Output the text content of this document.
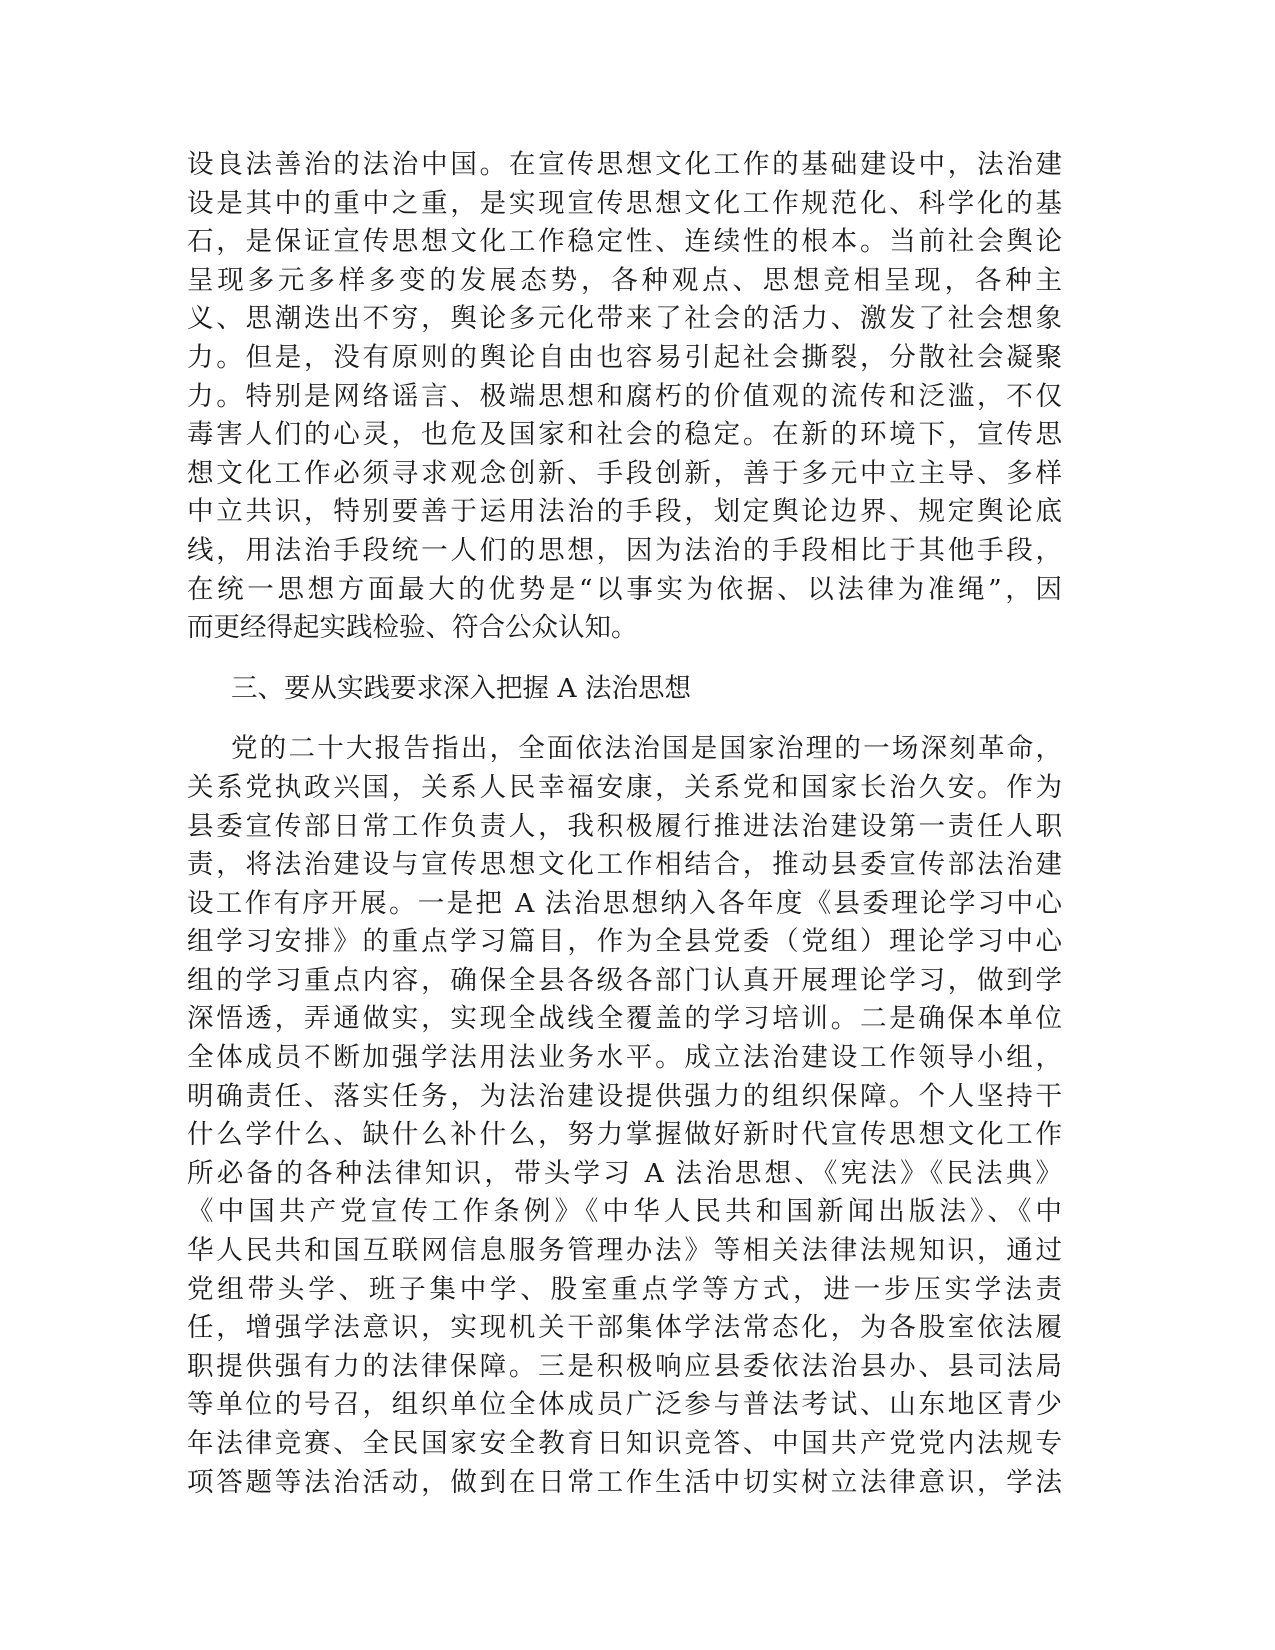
设良法善治的法治中国。在宣传思想文化工作的基础建设中，法治建
设是其中的重中之重，是实现宣传思想文化工作规范化、科学化的基
石，是保证宣传思想文化工作稳定性、连续性的根本。当前社会舆论
呈现多元多样多变的发展态势，各种观点、思想竞相呈现，各种主
义、思潮迭出不穷，舆论多元化带来了社会的活力、激发了社会想象
力。但是，没有原则的舆论自由也容易引起社会撕裂，分散社会凝聚
力。特别是网络谣言、极端思想和腐朽的价值观的流传和泛滥，不仅
毒害人们的心灵，也危及国家和社会的稳定。在新的环境下，宣传思
想文化工作必须寻求观念创新、手段创新，善于多元中立主导、多样
中立共识，特别要善于运用法治的手段，划定舆论边界、规定舆论底
线，用法治手段统一人们的思想，因为法治的手段相比于其他手段，
在统一思想方面最大的优势是“以事实为依据、以法律为准绳”，因
而更经得起实践检验、符合公众认知。
三、要从实践要求深入把握 A 法治思想
党的二十大报告指出，全面依法治国是国家治理的一场深刻革命，
关系党执政兴国，关系人民幸福安康，关系党和国家长治久安。作为
县委宣传部日常工作负责人，我积极履行推进法治建设第一责任人职
责，将法治建设与宣传思想文化工作相结合，推动县委宣传部法治建
设工作有序开展。一是把 A 法治思想纳入各年度《县委理论学习中心
组学习安排》的重点学习篇目，作为全县党委（党组）理论学习中心
组的学习重点内容，确保全县各级各部门认真开展理论学习，做到学
深悟透，弄通做实，实现全战线全覆盖的学习培训。二是确保本单位
全体成员不断加强学法用法业务水平。成立法治建设工作领导小组，
明确责任、落实任务，为法治建设提供强力的组织保障。个人坚持干
什么学什么、缺什么补什么，努力掌握做好新时代宣传思想文化工作
所必备的各种法律知识，带头学习 A 法治思想、《宪法》《民法典》
《中国共产党宣传工作条例》《中华人民共和国新闻出版法》、《中
华人民共和国互联网信息服务管理办法》等相关法律法规知识，通过
党组带头学、班子集中学、股室重点学等方式，进一步压实学法责
任，增强学法意识，实现机关干部集体学法常态化，为各股室依法履
职提供强有力的法律保障。三是积极响应县委依法治县办、县司法局
等单位的号召，组织单位全体成员广泛参与普法考试、山东地区青少
年法律竞赛、全民国家安全教育日知识竞答、中国共产党党内法规专
项答题等法治活动，做到在日常工作生活中切实树立法律意识，学法
